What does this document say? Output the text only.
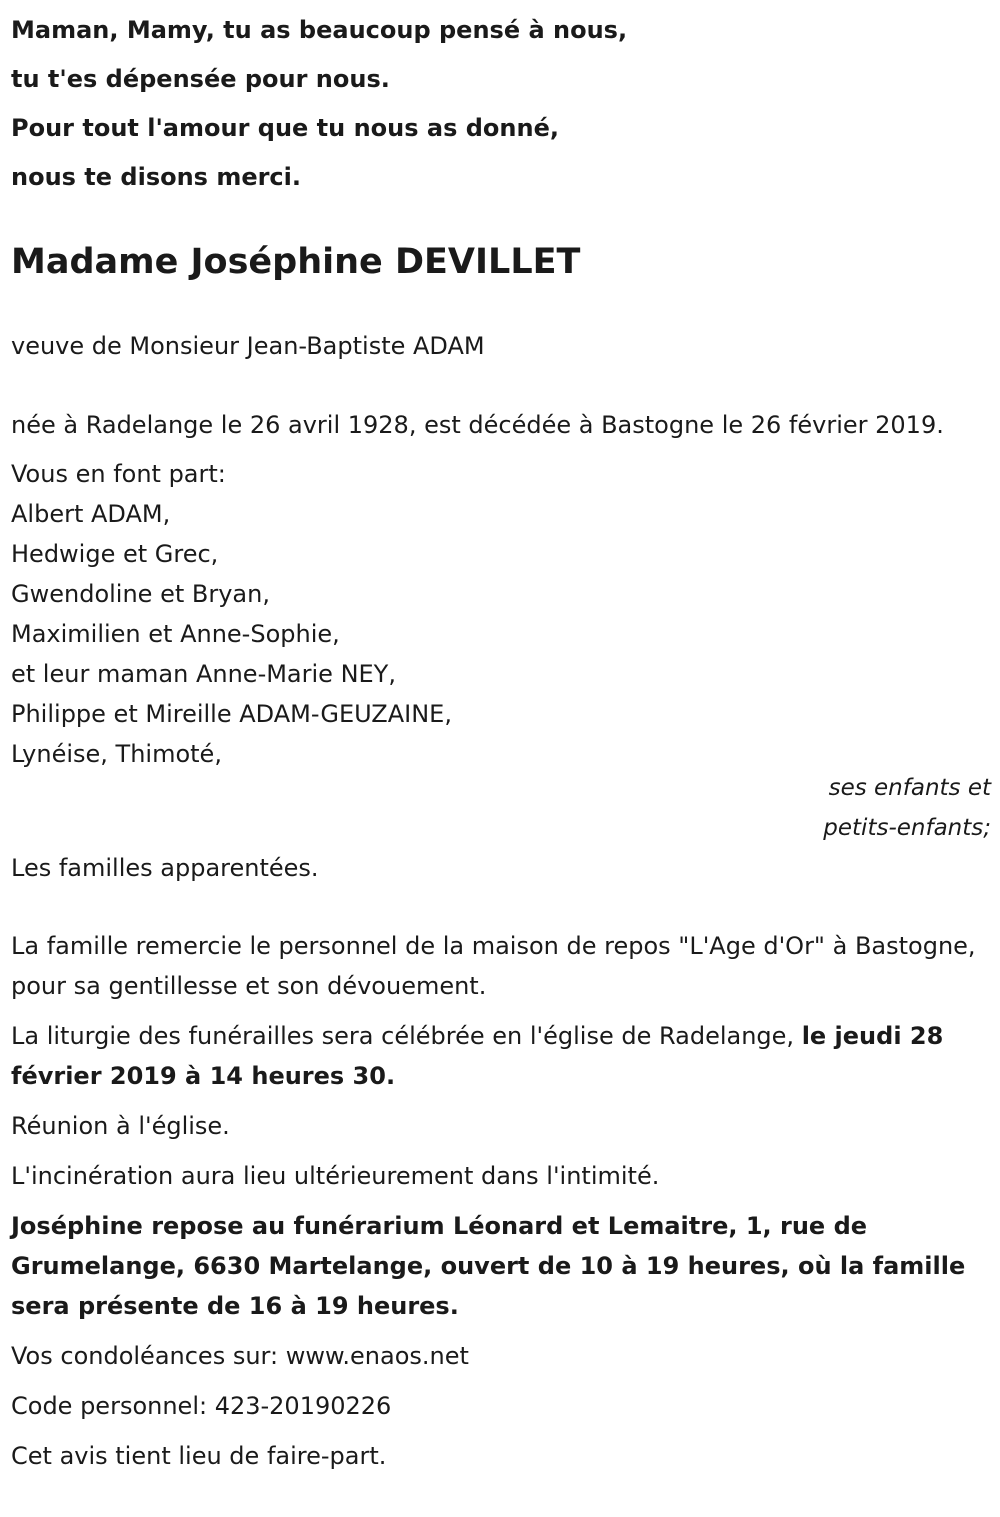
Maman, Mamy, tu as beaucoup pensé à nous,
tu t'es dépensée pour nous.
Pour tout l'amour que tu nous as donné,
nous te disons merci.
Madame Joséphine DEVILLET

veuve de Monsieur Jean-Baptiste ADAM

née à Radelange le 26 avril 1928, est décédée à Bastogne le 26 février 2019.

Vous en font part:
Albert ADAM,
Hedwige et Grec,
Gwendoline et Bryan,
Maximilien et Anne-Sophie,
et leur maman Anne-Marie NEY,
Philippe et Mireille ADAM-GEUZAINE,
Lynéise, Thimoté,
ses enfants et
petits-enfants;
Les familles apparentées.

La famille remercie le personnel de la maison de repos "L'Age d'Or" à Bastogne, pour sa gentillesse et son dévouement.

La liturgie des funérailles sera célébrée en l'église de Radelange, le jeudi 28 février 2019 à 14 heures 30.

Réunion à l'église.

L'incinération aura lieu ultérieurement dans l'intimité.

Joséphine repose au funérarium Léonard et Lemaitre, 1, rue de Grumelange, 6630 Martelange, ouvert de 10 à 19 heures, où la famille sera présente de 16 à 19 heures.

Vos condoléances sur: www.enaos.net

Code personnel: 423-20190226

Cet avis tient lieu de faire-part.
